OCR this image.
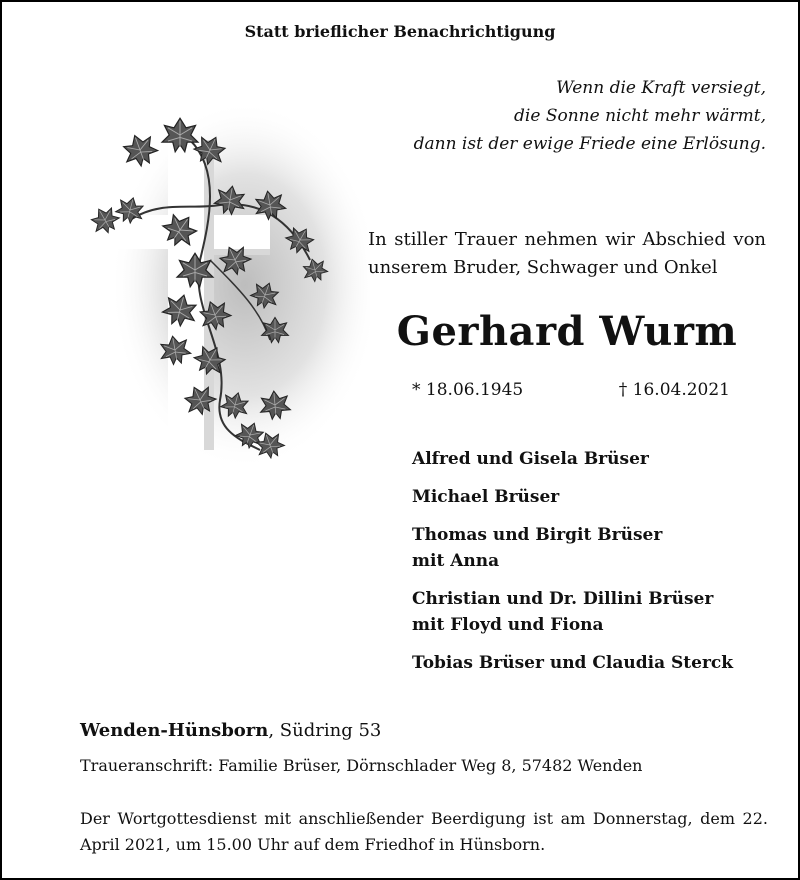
Statt brieflicher Benachrichtigung
Wenn die Kraft versiegt,
die Sonne nicht mehr wärmt,
dann ist der ewige Friede eine Erlösung.
In stiller Trauer nehmen wir Abschied von
unserem Bruder, Schwager und Onkel
Gerhard Wurm
* 18.06.1945	† 16.04.2021
Alfred und Gisela Brüser
Michael Brüser
Thomas und Birgit Brüser
mit Anna
Christian und Dr. Dillini Brüser
mit Floyd und Fiona
Tobias Brüser und Claudia Sterck
Wenden-Hünsborn, Südring 53
Traueranschrift: Familie Brüser, Dörnschlader Weg 8, 57482 Wenden
Der Wortgottesdienst mit anschließender Beerdigung ist am Donnerstag, dem 22. April 2021, um 15.00 Uhr auf dem Friedhof in Hünsborn.
